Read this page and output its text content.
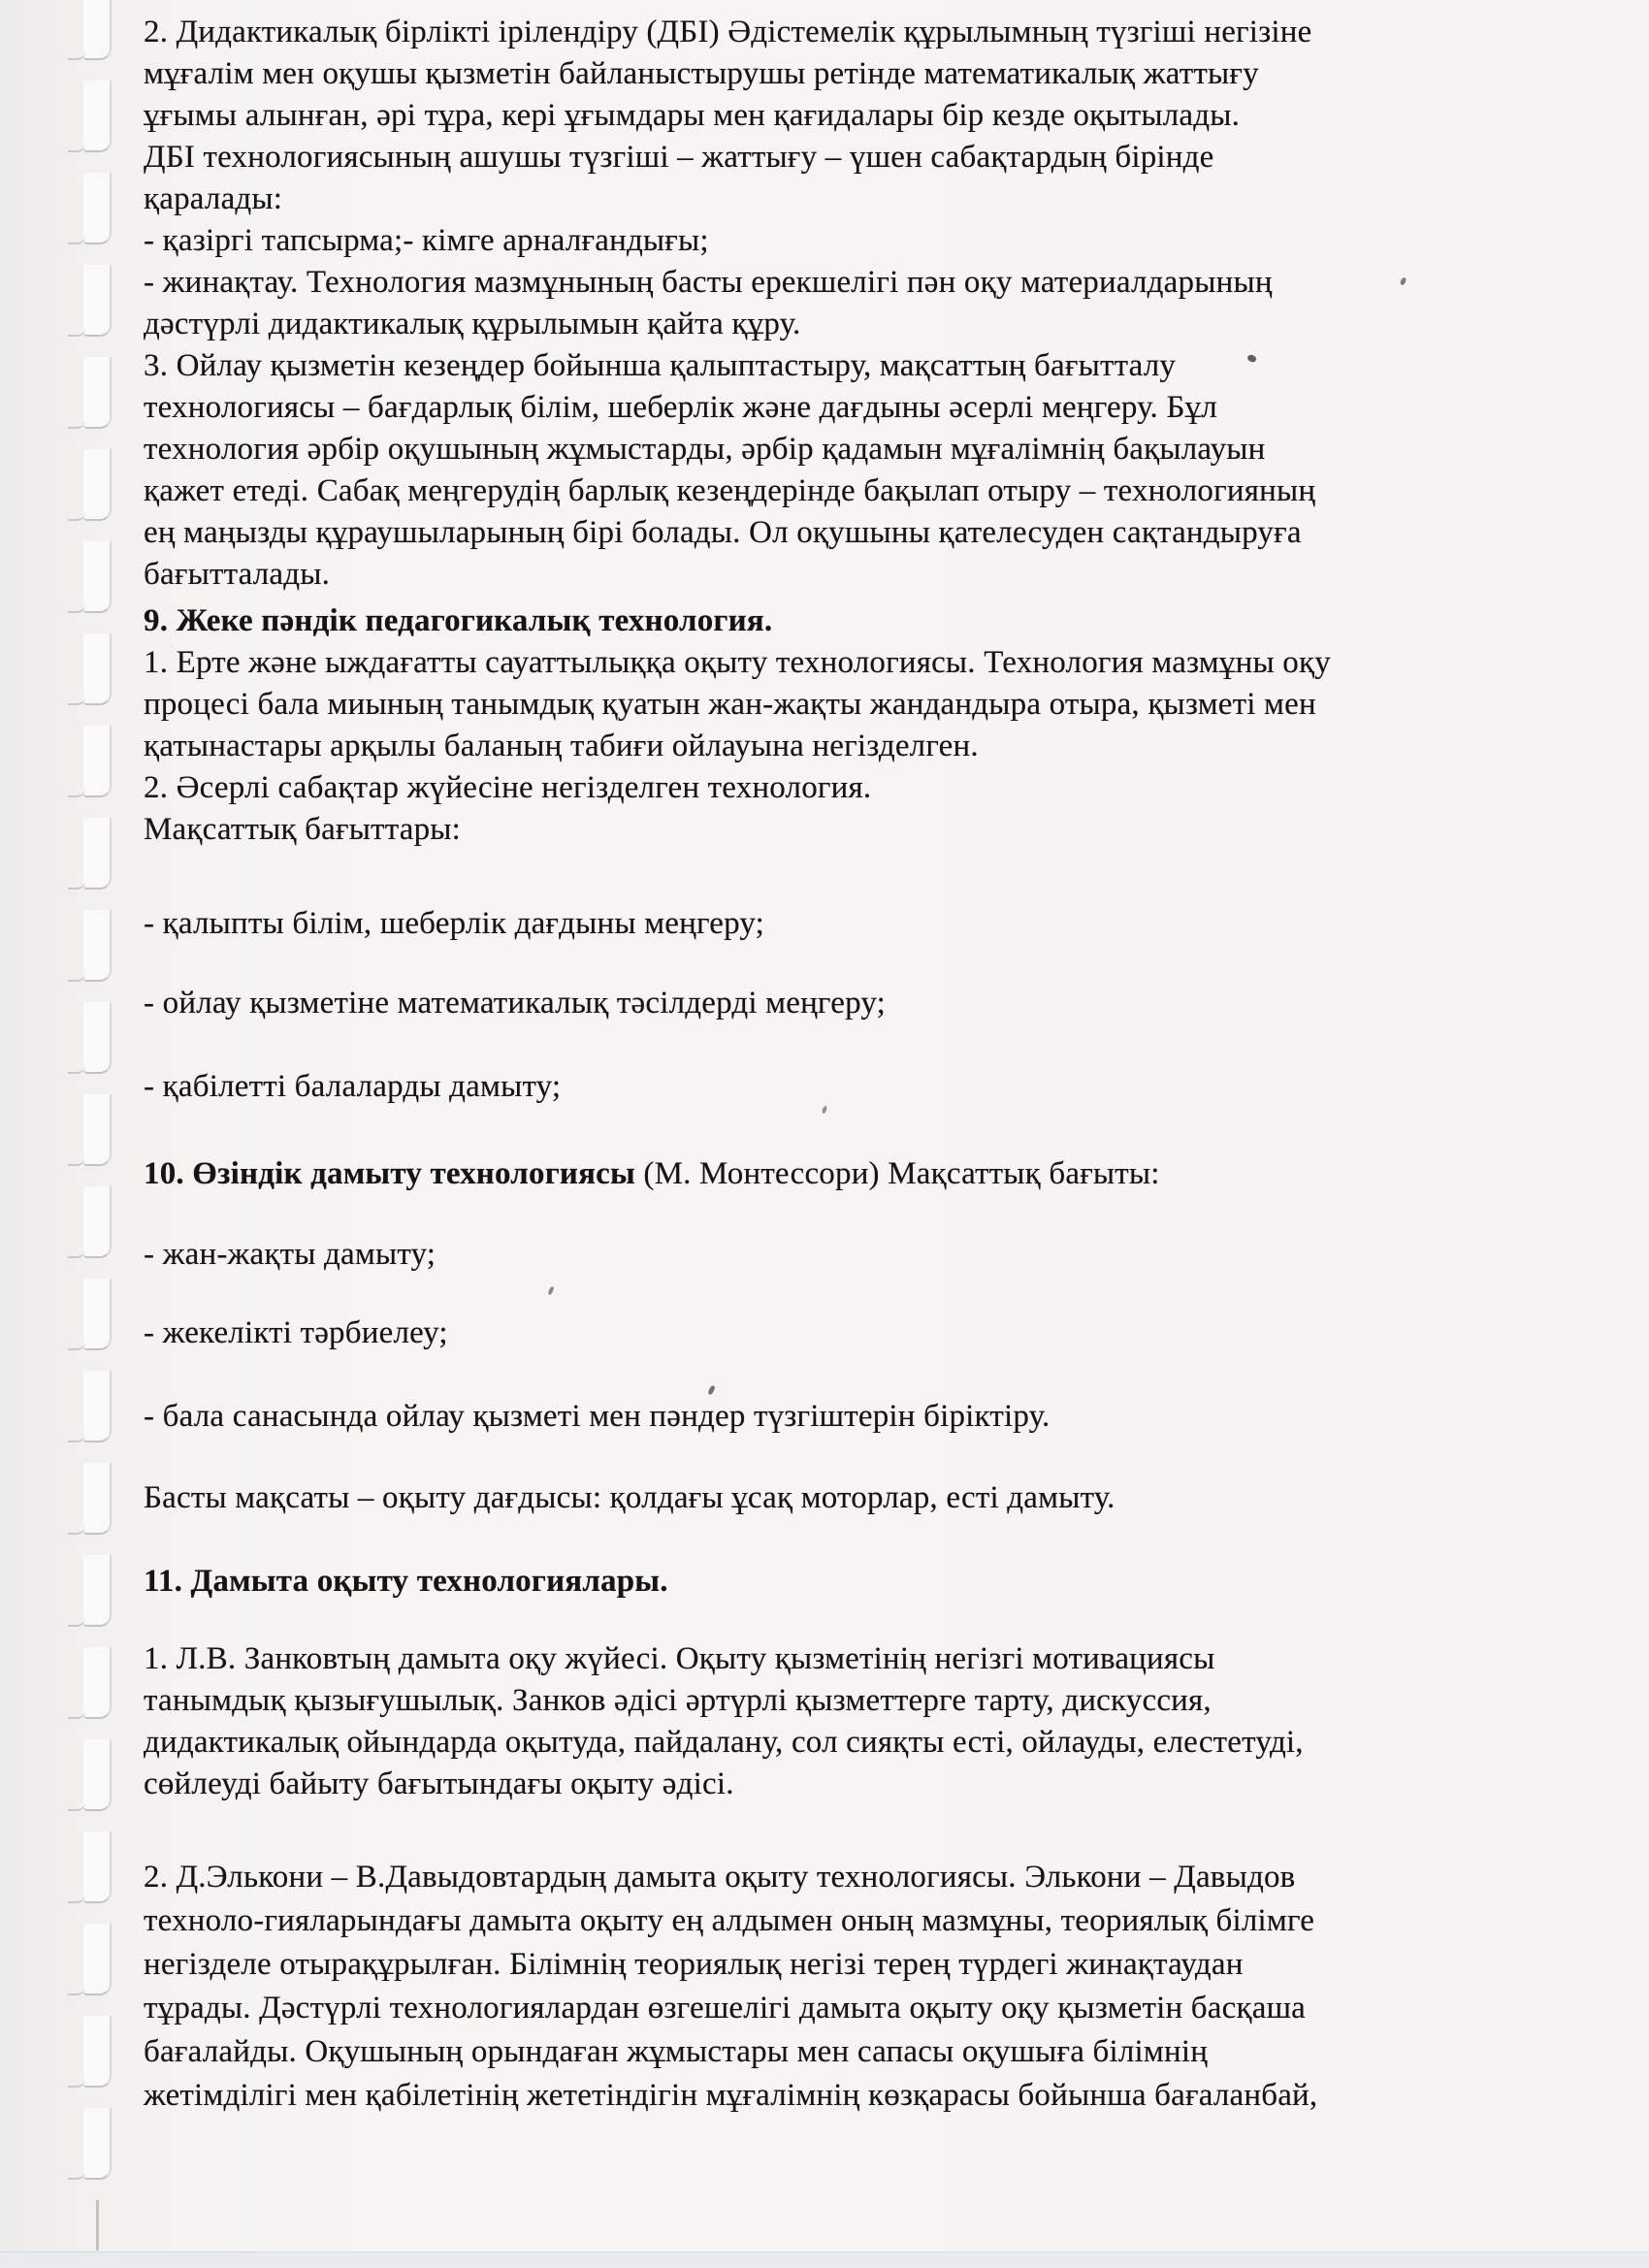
2. Дидактикалық бірлікті ірілендіру (ДБІ) Әдістемелік құрылымның түзгіші негізіне
мұғалім мен оқушы қызметін байланыстырушы ретінде математикалық жаттығу
ұғымы алынған, әрі тұра, кері ұғымдары мен қағидалары бір кезде оқытылады.

ДБІ технологиясының ашушы түзгіші – жаттығу – үшен сабақтардың бірінде
қаралады:

- қазіргі тапсырма;- кімге арналғандығы;

- жинақтау. Технология мазмұнының басты ерекшелігі пән оқу материалдарының
дәстүрлі дидактикалық құрылымын қайта құру.

3. Ойлау қызметін кезеңдер бойынша қалыптастыру, мақсаттың бағытталу
технологиясы – бағдарлық білім, шеберлік және дағдыны әсерлі меңгеру. Бұл
технология әрбір оқушының жұмыстарды, әрбір қадамын мұғалімнің бақылауын
қажет етеді. Сабақ меңгерудің барлық кезеңдерінде бақылап отыру – технологияның
ең маңызды құраушыларының бірі болады. Ол оқушыны қателесуден сақтандыруға
бағытталады.

9. Жеке пәндік педагогикалық технология.

1. Ерте және ыждағатты сауаттылыққа оқыту технологиясы. Технология мазмұны оқу
процесі бала миының танымдық қуатын жан-жақты жандандыра отыра, қызметі мен
қатынастары арқылы баланың табиғи ойлауына негізделген.

2. Әсерлі сабақтар жүйесіне негізделген технология.

Мақсаттық бағыттары:

- қалыпты білім, шеберлік дағдыны меңгеру;

- ойлау қызметіне математикалық тәсілдерді меңгеру;

- қабілетті балаларды дамыту;

10. Өзіндік дамыту технологиясы (М. Монтессори) Мақсаттық бағыты:

- жан-жақты дамыту;

- жекелікті тәрбиелеу;

- бала санасында ойлау қызметі мен пәндер түзгіштерін біріктіру.

Басты мақсаты – оқыту дағдысы: қолдағы ұсақ моторлар, есті дамыту.

11. Дамыта оқыту технологиялары.

1. Л.В. Занковтың дамыта оқу жүйесі. Оқыту қызметінің негізгі мотивациясы
танымдық қызығушылық. Занков әдісі әртүрлі қызметтерге тарту, дискуссия,
дидактикалық ойындарда оқытуда, пайдалану, сол сияқты есті, ойлауды, елестетуді,
сөйлеуді байыту бағытындағы оқыту әдісі.

2. Д.Элькони – В.Давыдовтардың дамыта оқыту технологиясы. Элькони – Давыдов
техноло-гияларындағы дамыта оқыту ең алдымен оның мазмұны, теориялық білімге
негізделе отырақұрылған. Білімнің теориялық негізі терең түрдегі жинақтаудан
тұрады. Дәстүрлі технологиялардан өзгешелігі дамыта оқыту оқу қызметін басқаша
бағалайды. Оқушының орындаған жұмыстары мен сапасы оқушыға білімнің
жетімділігі мен қабілетінің жететіндігін мұғалімнің көзқарасы бойынша бағаланбай,
